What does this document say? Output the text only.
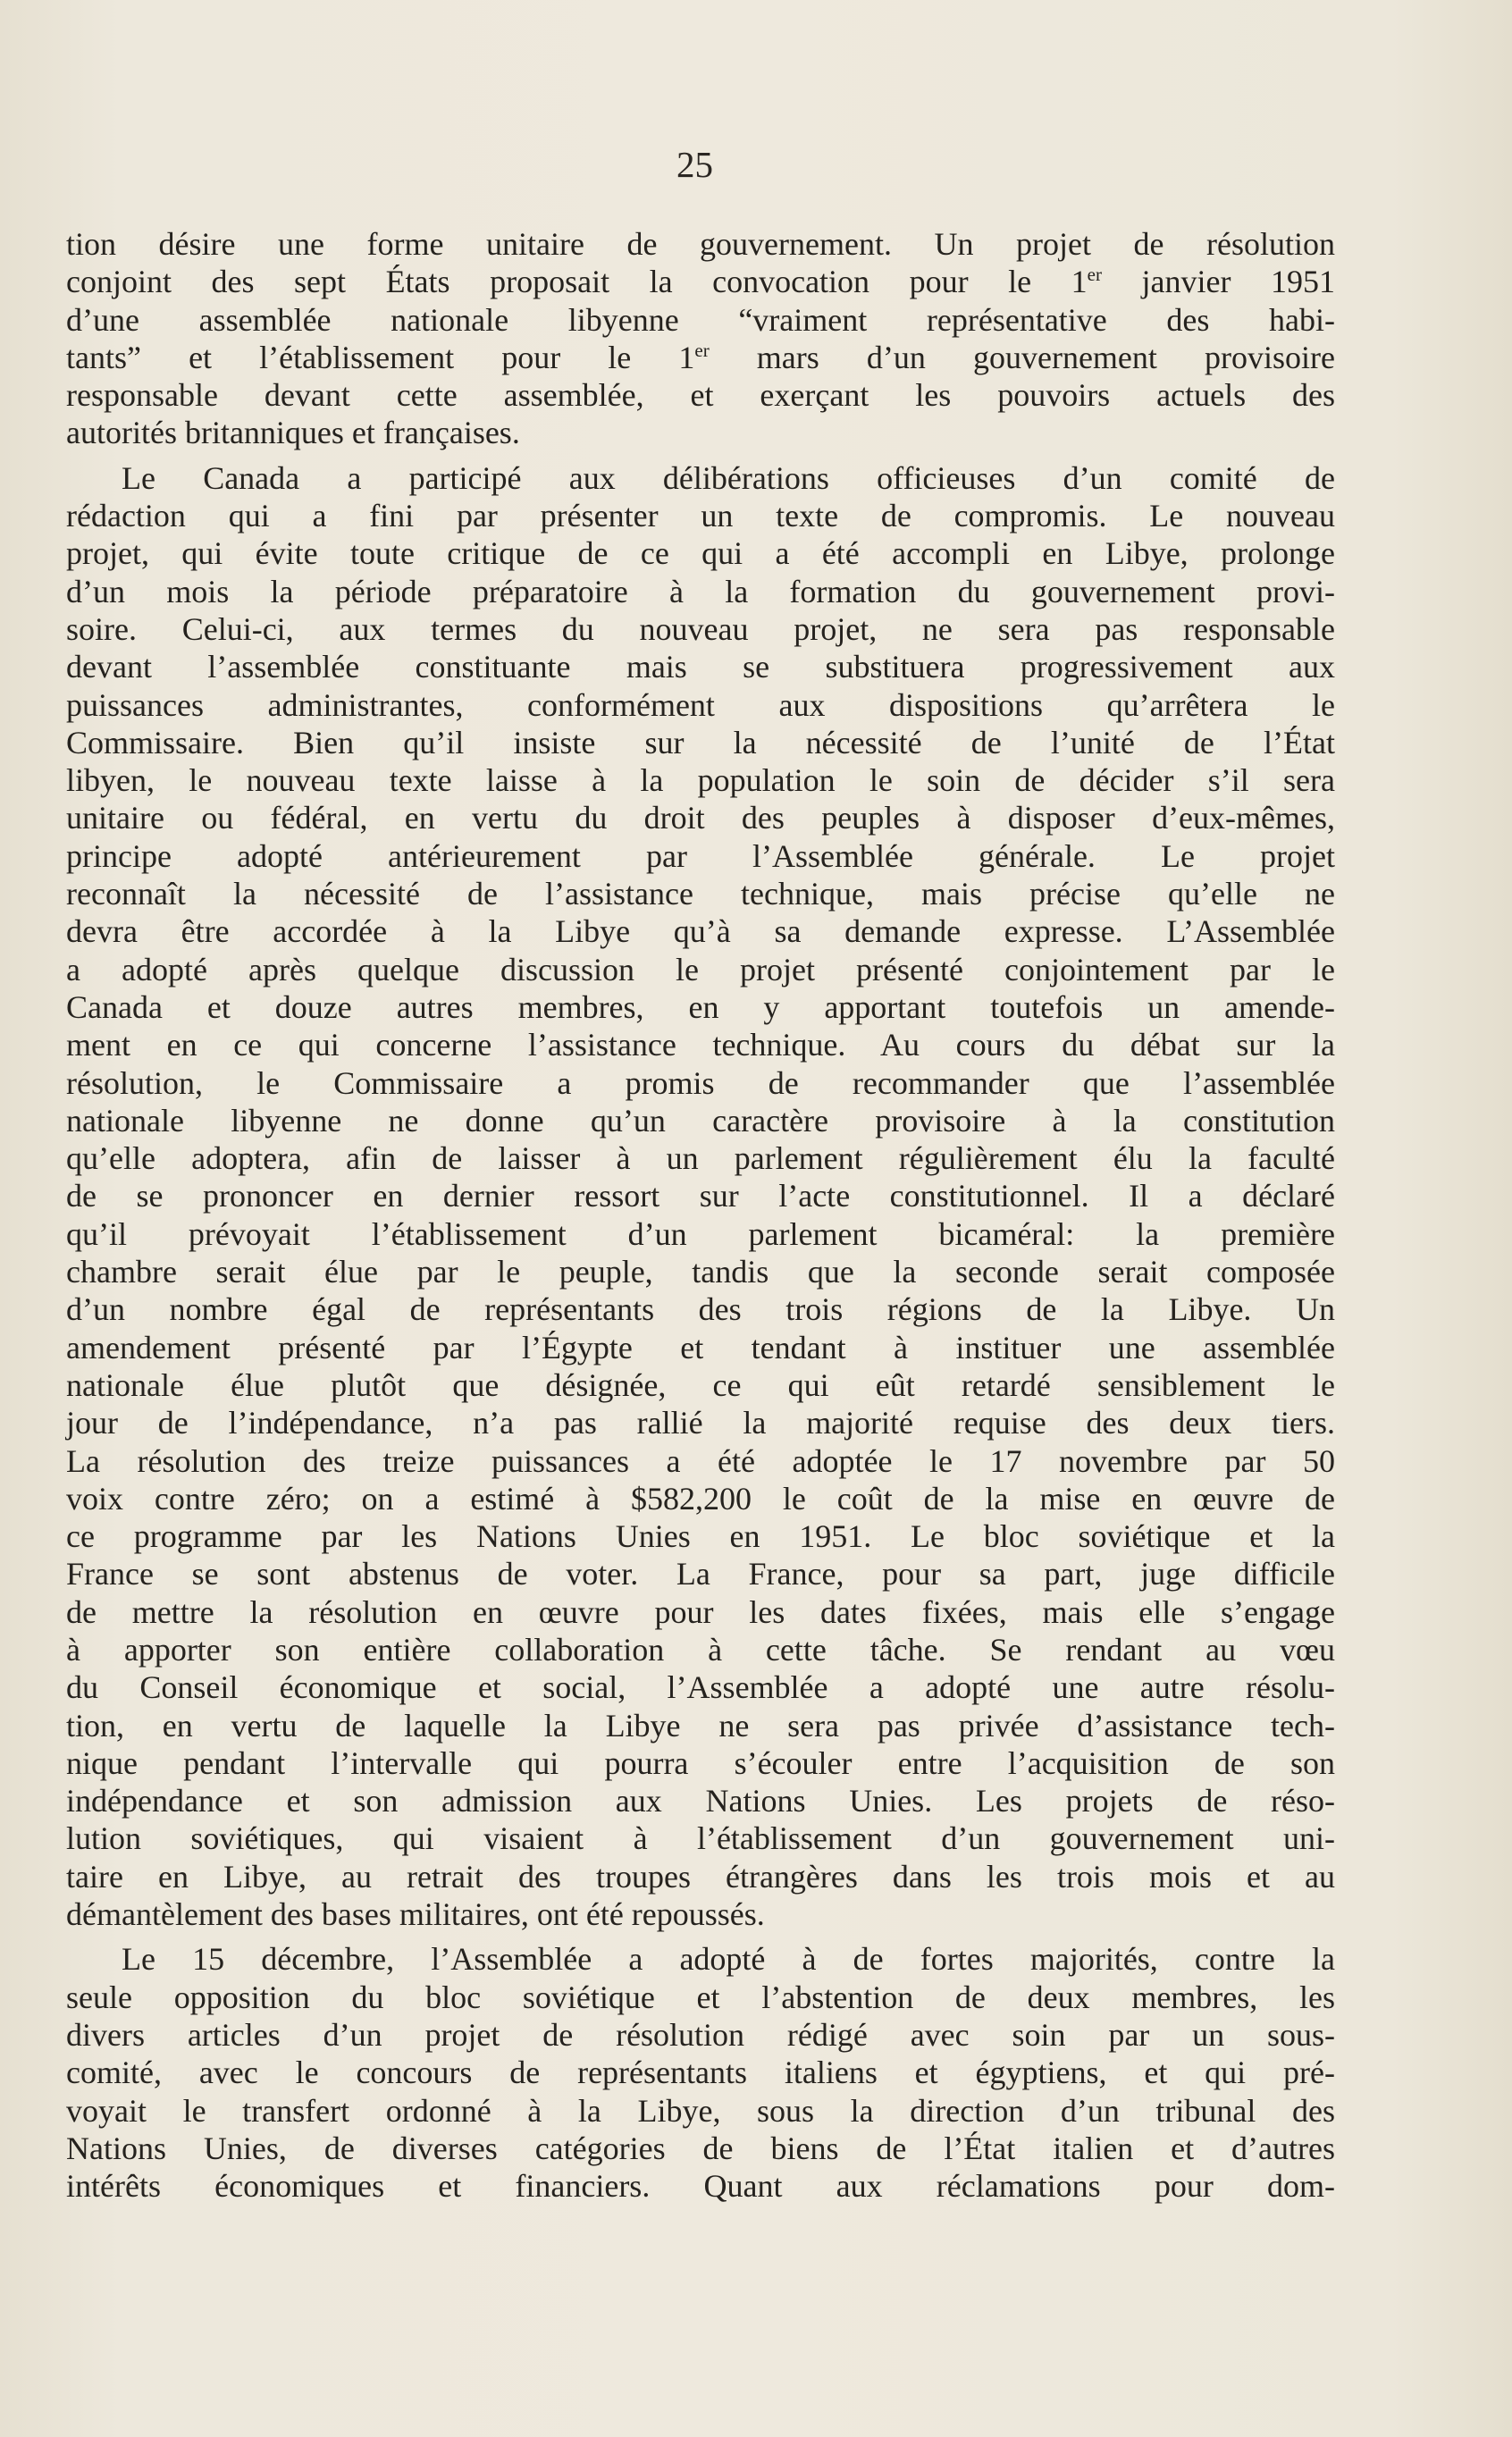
25
tion désire une forme unitaire de gouvernement. Un projet de résolution
conjoint des sept États proposait la convocation pour le 1er janvier 1951
d’une assemblée nationale libyenne “vraiment représentative des habi-
tants” et l’établissement pour le 1er mars d’un gouvernement provisoire
responsable devant cette assemblée, et exerçant les pouvoirs actuels des
autorités britanniques et françaises.
Le Canada a participé aux délibérations officieuses d’un comité de
rédaction qui a fini par présenter un texte de compromis. Le nouveau
projet, qui évite toute critique de ce qui a été accompli en Libye, prolonge
d’un mois la période préparatoire à la formation du gouvernement provi-
soire. Celui-ci, aux termes du nouveau projet, ne sera pas responsable
devant l’assemblée constituante mais se substituera progressivement aux
puissances administrantes, conformément aux dispositions qu’arrêtera le
Commissaire. Bien qu’il insiste sur la nécessité de l’unité de l’État
libyen, le nouveau texte laisse à la population le soin de décider s’il sera
unitaire ou fédéral, en vertu du droit des peuples à disposer d’eux-mêmes,
principe adopté antérieurement par l’Assemblée générale. Le projet
reconnaît la nécessité de l’assistance technique, mais précise qu’elle ne
devra être accordée à la Libye qu’à sa demande expresse. L’Assemblée
a adopté après quelque discussion le projet présenté conjointement par le
Canada et douze autres membres, en y apportant toutefois un amende-
ment en ce qui concerne l’assistance technique. Au cours du débat sur la
résolution, le Commissaire a promis de recommander que l’assemblée
nationale libyenne ne donne qu’un caractère provisoire à la constitution
qu’elle adoptera, afin de laisser à un parlement régulièrement élu la faculté
de se prononcer en dernier ressort sur l’acte constitutionnel. Il a déclaré
qu’il prévoyait l’établissement d’un parlement bicaméral: la première
chambre serait élue par le peuple, tandis que la seconde serait composée
d’un nombre égal de représentants des trois régions de la Libye. Un
amendement présenté par l’Égypte et tendant à instituer une assemblée
nationale élue plutôt que désignée, ce qui eût retardé sensiblement le
jour de l’indépendance, n’a pas rallié la majorité requise des deux tiers.
La résolution des treize puissances a été adoptée le 17 novembre par 50
voix contre zéro; on a estimé à $582,200 le coût de la mise en œuvre de
ce programme par les Nations Unies en 1951. Le bloc soviétique et la
France se sont abstenus de voter. La France, pour sa part, juge difficile
de mettre la résolution en œuvre pour les dates fixées, mais elle s’engage
à apporter son entière collaboration à cette tâche. Se rendant au vœu
du Conseil économique et social, l’Assemblée a adopté une autre résolu-
tion, en vertu de laquelle la Libye ne sera pas privée d’assistance tech-
nique pendant l’intervalle qui pourra s’écouler entre l’acquisition de son
indépendance et son admission aux Nations Unies. Les projets de réso-
lution soviétiques, qui visaient à l’établissement d’un gouvernement uni-
taire en Libye, au retrait des troupes étrangères dans les trois mois et au
démantèlement des bases militaires, ont été repoussés.
Le 15 décembre, l’Assemblée a adopté à de fortes majorités, contre la
seule opposition du bloc soviétique et l’abstention de deux membres, les
divers articles d’un projet de résolution rédigé avec soin par un sous-
comité, avec le concours de représentants italiens et égyptiens, et qui pré-
voyait le transfert ordonné à la Libye, sous la direction d’un tribunal des
Nations Unies, de diverses catégories de biens de l’État italien et d’autres
intérêts économiques et financiers. Quant aux réclamations pour dom-
